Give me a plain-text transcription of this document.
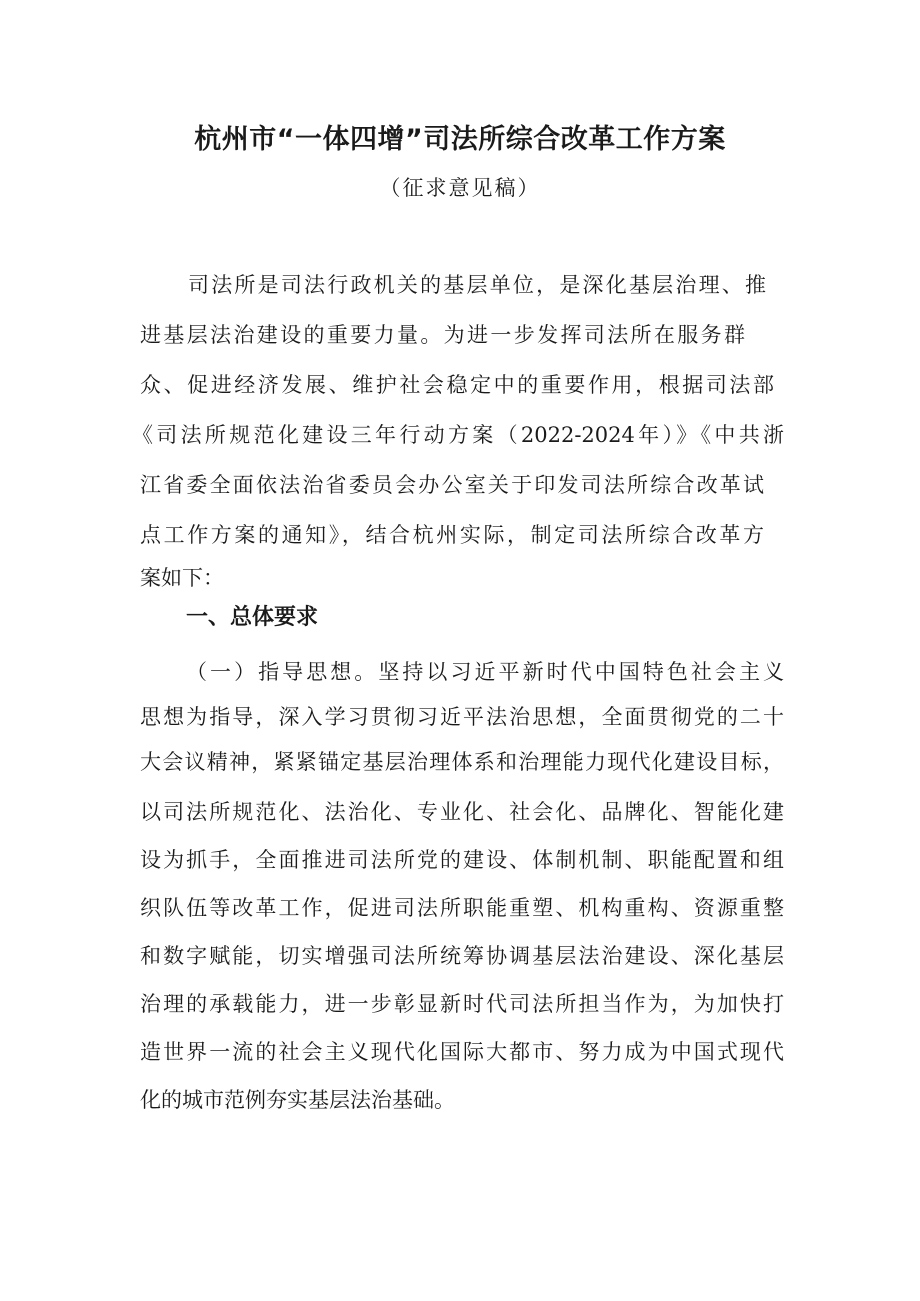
杭州市“一体四增”司法所综合改革工作方案
（征求意见稿）
司法所是司法行政机关的基层单位，是深化基层治理、推
进基层法治建设的重要力量。为进一步发挥司法所在服务群
众、促进经济发展、维护社会稳定中的重要作用，根据司法部
《司法所规范化建设三年行动方案（2022-2024年）》《中共浙
江省委全面依法治省委员会办公室关于印发司法所综合改革试
点工作方案的通知》，结合杭州实际，制定司法所综合改革方
案如下：
一、总体要求
（一）指导思想。坚持以习近平新时代中国特色社会主义
思想为指导，深入学习贯彻习近平法治思想，全面贯彻党的二十
大会议精神，紧紧锚定基层治理体系和治理能力现代化建设目标，
以司法所规范化、法治化、专业化、社会化、品牌化、智能化建
设为抓手，全面推进司法所党的建设、体制机制、职能配置和组
织队伍等改革工作，促进司法所职能重塑、机构重构、资源重整
和数字赋能，切实增强司法所统筹协调基层法治建设、深化基层
治理的承载能力，进一步彰显新时代司法所担当作为，为加快打
造世界一流的社会主义现代化国际大都市、努力成为中国式现代
化的城市范例夯实基层法治基础。
